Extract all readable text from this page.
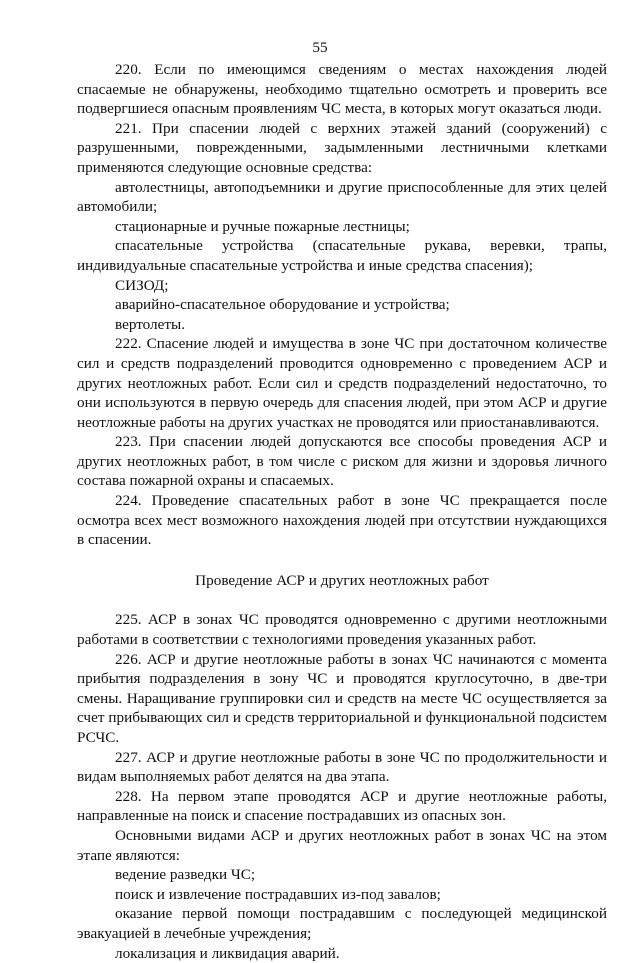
55

220. Если по имеющимся сведениям о местах нахождения людей спасаемые не обнаружены, необходимо тщательно осмотреть и проверить все подвергшиеся опасным проявлениям ЧС места, в которых могут оказаться люди.

221. При спасении людей с верхних этажей зданий (сооружений) с разрушенными, поврежденными, задымленными лестничными клетками применяются следующие основные средства:

автолестницы, автоподъемники и другие приспособленные для этих целей автомобили;

стационарные и ручные пожарные лестницы;

спасательные устройства (спасательные рукава, веревки, трапы, индивидуальные спасательные устройства и иные средства спасения);

СИЗОД;

аварийно-спасательное оборудование и устройства;

вертолеты.

222. Спасение людей и имущества в зоне ЧС при достаточном количестве сил и средств подразделений проводится одновременно с проведением АСР и других неотложных работ. Если сил и средств подразделений недостаточно, то они используются в первую очередь для спасения людей, при этом АСР и другие неотложные работы на других участках не проводятся или приостанавливаются.

223. При спасении людей допускаются все способы проведения АСР и других неотложных работ, в том числе с риском для жизни и здоровья личного состава пожарной охраны и спасаемых.

224. Проведение спасательных работ в зоне ЧС прекращается после осмотра всех мест возможного нахождения людей при отсутствии нуждающихся в спасении.

Проведение АСР и других неотложных работ

225. АСР в зонах ЧС проводятся одновременно с другими неотложными работами в соответствии с технологиями проведения указанных работ.

226. АСР и другие неотложные работы в зонах ЧС начинаются с момента прибытия подразделения в зону ЧС и проводятся круглосуточно, в две-три смены. Наращивание группировки сил и средств на месте ЧС осуществляется за счет прибывающих сил и средств территориальной и функциональной подсистем РСЧС.

227. АСР и другие неотложные работы в зоне ЧС по продолжительности и видам выполняемых работ делятся на два этапа.

228. На первом этапе проводятся АСР и другие неотложные работы, направленные на поиск и спасение пострадавших из опасных зон.

Основными видами АСР и других неотложных работ в зонах ЧС на этом этапе являются:

ведение разведки ЧС;

поиск и извлечение пострадавших из-под завалов;

оказание первой помощи пострадавшим с последующей медицинской эвакуацией в лечебные учреждения;

локализация и ликвидация аварий.
